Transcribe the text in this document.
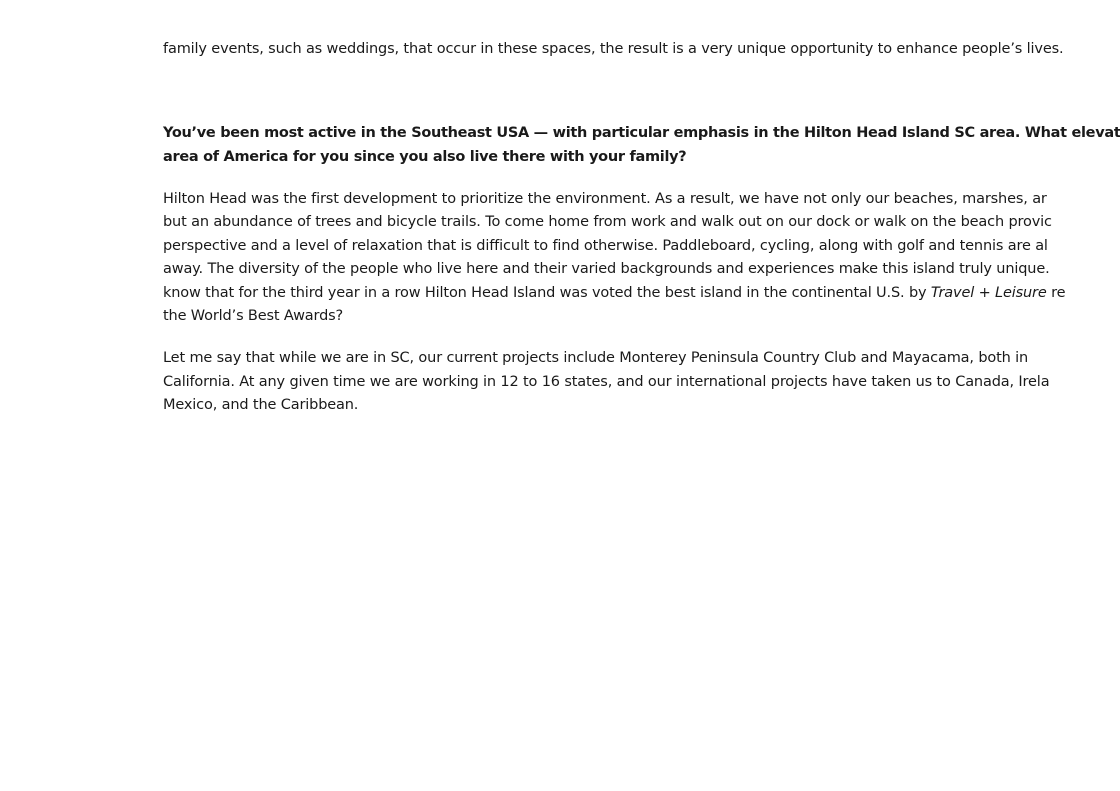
family events, such as weddings, that occur in these spaces, the result is a very unique opportunity to enhance people’s lives.
You’ve been most active in the Southeast USA — with particular emphasis in the Hilton Head Island SC area. What elevat
area of America for you since you also live there with your family?
Hilton Head was the first development to prioritize the environment. As a result, we have not only our beaches, marshes, ar
but an abundance of trees and bicycle trails. To come home from work and walk out on our dock or walk on the beach provic
perspective and a level of relaxation that is difficult to find otherwise. Paddleboard, cycling, along with golf and tennis are al
away. The diversity of the people who live here and their varied backgrounds and experiences make this island truly unique.
know that for the third year in a row Hilton Head Island was voted the best island in the continental U.S. by Travel + Leisure re
the World’s Best Awards?
Let me say that while we are in SC, our current projects include Monterey Peninsula Country Club and Mayacama, both in
California. At any given time we are working in 12 to 16 states, and our international projects have taken us to Canada, Irela
Mexico, and the Caribbean.
